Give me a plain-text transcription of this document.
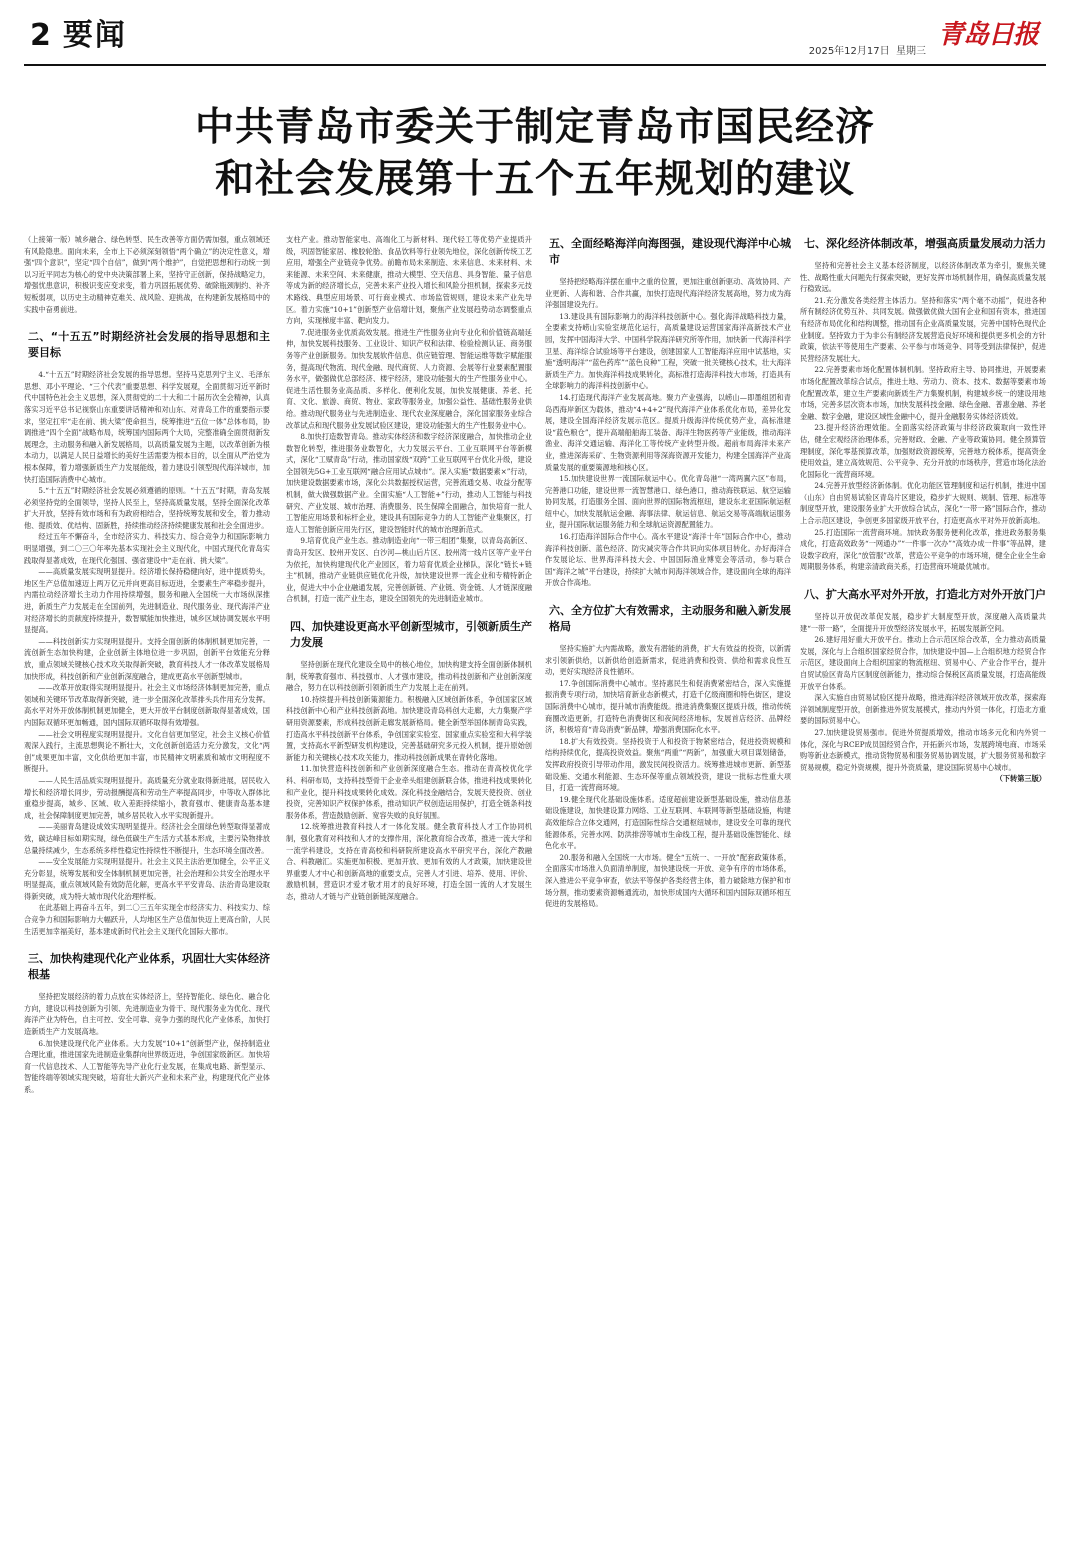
2 要闻	2025年12月17日 星期三
青岛日报
中共青岛市委关于制定青岛市国民经济
和社会发展第十五个五年规划的建议

（上接第一版）城乡融合、绿色转型、民生改善等方面仍需加强，重点领域还有风险隐患。面向未来，全市上下必须深刻领悟“两个确立”的决定性意义，增强“四个意识”，坚定“四个自信”，做到“两个维护”，自觉把思想和行动统一到以习近平同志为核心的党中央决策部署上来，坚持守正创新，保持战略定力，增强忧患意识，积极识变应变求变，着力巩固拓展优势、破除瓶颈制约、补齐短板弱项，以历史主动精神克难关、战风险、迎挑战，在构建新发展格局中的实践中奋勇前进。

二、“十五五”时期经济社会发展的指导思想和主要目标

4.“十五五”时期经济社会发展的指导思想。坚持马克思列宁主义、毛泽东思想、邓小平理论、“三个代表”重要思想、科学发展观，全面贯彻习近平新时代中国特色社会主义思想，深入贯彻党的二十大和二十届历次全会精神，认真落实习近平总书记视察山东重要讲话精神和对山东、对青岛工作的重要指示要求，坚定扛牢“走在前、挑大梁”使命担当，统筹推进“五位一体”总体布局，协调推进“四个全面”战略布局，统筹国内国际两个大局，完整准确全面贯彻新发展理念，主动服务和融入新发展格局，以高质量发展为主题，以改革创新为根本动力，以满足人民日益增长的美好生活需要为根本目的，以全面从严治党为根本保障，着力增强新质生产力发展能级，着力建设引领型现代海洋城市，加快打造国际消费中心城市。

5.“十五五”时期经济社会发展必须遵循的原则。“十五五”时期，青岛发展必须坚持党的全面领导，坚持人民至上，坚持高质量发展，坚持全面深化改革扩大开放，坚持有效市场和有为政府相结合，坚持统筹发展和安全，着力推动他、提质效、优结构、固新胜，持续推动经济持续健康发展和社会全面进步。

经过五年不懈奋斗，全市经济实力、科技实力、综合竞争力和国际影响力明显增强，到二〇三〇年率先基本实现社会主义现代化，中国式现代化青岛实践取得显著成效，在现代化强国、强省建设中“走在前、挑大梁”。

——高质量发展实现明显提升。经济增长保持稳健向好，进中提质势头，地区生产总值加速迈上两万亿元并向更高目标迈进，全要素生产率稳步提升，内需拉动经济增长主动力作用持续增强，服务和融入全国统一大市场纵深推进，新质生产力发展走在全国前列，先进制造业、现代服务业、现代海洋产业对经济增长的贡献度持续提升，数智赋能加快推进，城乡区域协调发展水平明显提高。

——科技创新实力实现明显提升。支持全面创新的体制机制更加完善，一流创新生态加快构建，企业创新主体地位进一步巩固，创新平台效能充分释放，重点领域关键核心技术攻关取得新突破，教育科技人才一体改革发展格局加快形成，科技创新和产业创新深度融合，建成更高水平创新型城市。

——改革开放取得实现明显提升。社会主义市场经济体制更加完善，重点领域和关键环节改革取得新突破，进一步全面深化改革排头兵作用充分发挥。高水平对外开放体制机制更加健全，更大开放平台制度创新取得显著成效，国内国际双循环更加畅通，国内国际双循环取得有效增强。

——社会文明程度实现明显提升。文化自信更加坚定，社会主义核心价值观深入践行，主流思想舆论不断壮大，文化创新创造活力充分激发，文化“两创”成果更加丰富，文化供给更加丰富，市民精神文明素质和城市文明程度不断提升。

——人民生活品质实现明显提升。高质量充分就业取得新进展，居民收入增长和经济增长同步，劳动报酬提高和劳动生产率提高同步，中等收入群体比重稳步提高，城乡、区域、收入差距持续缩小，教育强市、健康青岛基本建成，社会保障制度更加完善，城乡居民收入水平实现新提升。

——美丽青岛建设成效实现明显提升。经济社会全面绿色转型取得显著成效，碳达峰目标如期实现，绿色低碳生产生活方式基本形成，主要污染物排放总量持续减少，生态系统多样性稳定性持续性不断提升，生态环境全面改善。

——安全发展能力实现明显提升。社会主义民主法治更加健全，公平正义充分彰显，统筹发展和安全体制机制更加完善，社会治理和公共安全治理水平明显提高，重点领域风险有效防范化解，更高水平平安青岛、法治青岛建设取得新突破，成为特大城市现代化治理样板。

在此基础上再奋斗五年，到二〇三五年实现全市经济实力、科技实力、综合竞争力和国际影响力大幅跃升，人均地区生产总值加快迈上更高台阶，人民生活更加幸福美好，基本建成新时代社会主义现代化国际大都市。

三、加快构建现代化产业体系，巩固壮大实体经济根基

坚持把发展经济的着力点放在实体经济上，坚持智能化、绿色化、融合化方向，建设以科技创新为引领、先进制造业为骨干、现代服务业为优化、现代海洋产业为特色，自主可控、安全可靠、竞争力强的现代化产业体系，加快打造新质生产力发展高地。

6.加快建设现代化产业体系。大力发展“10+1”创新型产业，保持制造业合理比重，推进国家先进制造业集群向世界级迈进，争创国家级新区。加快培育一代信息技术、人工智能等先导产业化行业发展，在集成电路、新型显示、智能终端等领域实现突破，培育壮大新兴产业和未来产业，构建现代化产业体系。

支柱产业。推动智能家电、高端化工与新材料、现代轻工等优势产业提质升级，巩固智能家居、橡胶轮胎、食品饮料等行业领先地位，深化创新传统工艺应用，增强全产业链竞争优势。前瞻布局未来制造、未来信息、未来材料、未来能源、未来空间、未来健康，推动大模型、空天信息、具身智能、量子信息等成为新的经济增长点，完善未来产业投入增长和风险分担机制，探索多元技术路线、典型应用场景、可行商业模式、市场监管规则，建设未来产业先导区。着力实施“10+1”创新型产业倍增计划，聚焦产业发展趋势动态调整重点方向，实现梯度丰富、靶向发力。

7.促进服务业优质高效发展。推进生产性服务业向专业化和价值链高端延伸，加快发展科技服务、工业设计、知识产权和法律、检验检测认证、商务服务等产业创新服务。加快发展软件信息、供应链管理、智能运维等数字赋能服务，提高现代物流、现代金融、现代商贸、人力资源、会展等行业要素配置服务水平，做强做优总部经济、楼宇经济，建设功能强大的生产性服务业中心。促进生活性服务业高品质、多样化、便利化发展，加快发展健康、养老、托育、文化、旅游、商贸、物业、家政等服务业，加强公益性、基础性服务业供给。推动现代服务业与先进制造业、现代农业深度融合，深化国家服务业综合改革试点和现代服务业发展试验区建设，建设功能强大的生产性服务业中心。

8.加快打造数智青岛。推动实体经济和数字经济深度融合，加快推动企业数智化转型，推进服务业数智化，大力发展云平台、工业互联网平台等新模式，深化“工赋青岛”行动，推动国家级“双跨”工业互联网平台优化升级，建设全国领先5G+工业互联网“融合应用试点城市”。深入实施“数据要素×”行动，加快建设数据要素市场，深化公共数据授权运营，完善流通交易、收益分配等机制，做大做强数据产业。全面实施“人工智能+”行动，推动人工智能与科技研究、产业发展、城市治理、消费服务、民生保障全面融合，加快培育一批人工智能应用场景和标杆企业，建设具有国际竞争力的人工智能产业集聚区，打造人工智能创新应用先行区，建设智能时代的城市治理新范式。

9.培育优良产业生态。推动制造业向“一带三组团”集聚，以青岛高新区、青岛开发区、胶州开发区、白沙河—桃山后片区、胶州湾一线片区等产业平台为依托，加快构建现代化产业园区，着力培育优质企业梯队，深化“链长+链主”机制，推动产业链供应链优化升级，加快建设世界一流企业和专精特新企业，促进大中小企业融通发展，完善创新链、产业链、资金链、人才链深度融合机制，打造一流产业生态，建设全国领先的先进制造业城市。

四、加快建设更高水平创新型城市，引领新质生产力发展

坚持创新在现代化建设全局中的核心地位，加快构建支持全面创新体制机制，统筹教育强市、科技强市、人才强市建设，推动科技创新和产业创新深度融合，努力在以科技创新引领新质生产力发展上走在前列。

10.持续提升科技创新策源能力。积极融入区域创新体系，争创国家区域科技创新中心和产业科技创新高地。加快建设青岛科创大走廊，大力集聚产学研用资源要素，形成科技创新走廊发展新格局。健全新型举国体制青岛实践，打造高水平科技创新平台体系，争创国家实验室、国家重点实验室和大科学装置，支持高水平新型研发机构建设，完善基础研究多元投入机制，提升原始创新能力和关键核心技术攻关能力，推动科技创新成果在青转化落地。

11.加快营造科技创新和产业创新深度融合生态。推动在青高校优化学科、科研布局，支持科技型骨干企业牵头组建创新联合体，推进科技成果转化和产业化，提升科技成果转化成效。深化科技金融结合，发展天使投资、创业投资，完善知识产权保护体系，推动知识产权创造运用保护，打造全链条科技服务体系，营造鼓励创新、宽容失败的良好氛围。

12.统筹推进教育科技人才一体化发展。健全教育科技人才工作协同机制，强化教育对科技和人才的支撑作用，深化教育综合改革，推进一流大学和一流学科建设，支持在青高校和科研院所建设高水平研究平台，深化产教融合、科教融汇。实施更加积极、更加开放、更加有效的人才政策，加快建设世界重要人才中心和创新高地的重要支点，完善人才引进、培养、使用、评价、激励机制，营造识才爱才敬才用才的良好环境，打造全国一流的人才发展生态，推动人才链与产业链创新链深度融合。

五、全面经略海洋向海图强，建设现代海洋中心城市

坚持把经略海洋摆在重中之重的位置，更加注重创新驱动、高效协同、产业更新、人海和谐、合作共赢，加快打造现代海洋经济发展高地，努力成为海洋强国建设先行。

13.建设具有国际影响力的海洋科技创新中心。强化海洋战略科技力量，全要素支持崂山实验室规范化运行，高质量建设运营国家海洋高新技术产业园，发挥中国海洋大学、中国科学院海洋研究所等作用，加快新一代海洋科学卫星、海洋综合试验场等平台建设，创建国家人工智能海洋应用中试基地，实施“透明海洋”“蓝色药库”“蓝色良种”工程，突破一批关键核心技术，壮大海洋新质生产力。加快海洋科技成果转化，高标准打造海洋科技大市场，打造具有全球影响力的海洋科技创新中心。

14.打造现代海洋产业发展高地。聚力产业强海，以崂山—即墨组团和青岛西海岸新区为载体，推动“4+4+2”现代海洋产业体系优化布局，差异化发展，建设全国海洋经济发展示范区。提质升级海洋传统优势产业，高标准建设“蓝色粮仓”，提升高端船舶海工装备、海洋生物医药等产业能级，推动海洋渔业、海洋交通运输、海洋化工等传统产业转型升级。超前布局海洋未来产业，推进深海采矿、生物资源利用等深海资源开发能力，构建全国海洋产业高质量发展的重要策源地和核心区。

15.加快建设世界一流国际航运中心。优化青岛港“一湾两翼六区”布局，完善港口功能，建设世界一流智慧港口、绿色港口，推动海铁联运、航空运输协同发展，打造服务全国、面向世界的国际物流枢纽，建设东北亚国际航运枢纽中心，加快发展航运金融、海事法律、航运信息、航运交易等高端航运服务业，提升国际航运服务能力和全球航运资源配置能力。

16.打造海洋国际合作中心。高水平建设“海洋十年”国际合作中心，推动海洋科技创新、蓝色经济、防灾减灾等合作共识向实体项目转化。办好海洋合作发展论坛、世界海洋科技大会、中国国际渔业博览会等活动，参与联合国“海洋之城”平台建设，持续扩大城市间海洋领域合作，建设面向全球的海洋开放合作高地。

六、全方位扩大有效需求，主动服务和融入新发展格局

坚持实施扩大内需战略，激发有潜能的消费，扩大有效益的投资，以新需求引领新供给，以新供给创造新需求，促进消费和投资、供给和需求良性互动，更好实现经济良性循环。

17.争创国际消费中心城市。坚持惠民生和促消费紧密结合，深入实施提振消费专项行动，加快培育新业态新模式，打造千亿级商圈和特色街区，建设国际消费中心城市，提升城市消费能级。推进消费集聚区提质升级，推动传统商圈改造更新，打造特色消费街区和夜间经济地标，发展首店经济、品牌经济，积极培育“青岛消费”新品牌，增强消费国际化水平。

18.扩大有效投资。坚持投资于人和投资于物紧密结合，促进投资规模和结构持续优化，提高投资效益。聚焦“两重”“两新”，加强重大项目谋划储备，发挥政府投资引导带动作用，激发民间投资活力。统筹推进城市更新、新型基础设施、交通水利能源、生态环保等重点领域投资，建设一批标志性重大项目，打造一流营商环境。

19.健全现代化基础设施体系。适度超前建设新型基础设施，推动信息基础设施建设，加快建设算力网络、工业互联网、车联网等新型基础设施，构建高效能综合立体交通网，打造国际性综合交通枢纽城市，建设安全可靠的现代能源体系，完善水网、防洪排涝等城市生命线工程，提升基础设施智能化、绿色化水平。

20.服务和融入全国统一大市场。健全“五统一、一开放”配套政策体系，全面落实市场准入负面清单制度，加快建设统一开放、竞争有序的市场体系，深入推进公平竞争审查，依法平等保护各类经营主体，着力破除地方保护和市场分割，推动要素资源畅通流动，加快形成国内大循环和国内国际双循环相互促进的发展格局。

七、深化经济体制改革，增强高质量发展动力活力

坚持和完善社会主义基本经济制度，以经济体制改革为牵引，聚焦关键性、战略性重大问题先行探索突破，更好发挥市场机制作用，确保高质量发展行稳致远。

21.充分激发各类经营主体活力。坚持和落实“两个毫不动摇”，促进各种所有制经济优势互补、共同发展。做强做优做大国有企业和国有资本，推进国有经济布局优化和结构调整，推动国有企业高质量发展，完善中国特色现代企业制度。坚持致力于为非公有制经济发展营造良好环境和提供更多机会的方针政策，依法平等使用生产要素、公平参与市场竞争、同等受到法律保护，促进民营经济发展壮大。

22.完善要素市场化配置体制机制。坚持政府主导、协同推进，开展要素市场化配置改革综合试点，推进土地、劳动力、资本、技术、数据等要素市场化配置改革，建立生产要素向新质生产力集聚机制，构建城乡统一的建设用地市场，完善多层次资本市场，加快发展科技金融、绿色金融、普惠金融、养老金融、数字金融，建设区域性金融中心，提升金融服务实体经济质效。

23.提升经济治理效能。全面落实经济政策与非经济政策取向一致性评估，健全宏观经济治理体系，完善财政、金融、产业等政策协同。健全预算管理制度，深化零基预算改革，加强财政资源统筹，完善地方税体系，提高资金使用效益，建立高效规范、公平竞争、充分开放的市场秩序，营造市场化法治化国际化一流营商环境。

24.完善开放型经济新体制。优化功能区管理制度和运行机制，推进中国（山东）自由贸易试验区青岛片区建设，稳步扩大规则、规制、管理、标准等制度型开放，建设服务业扩大开放综合试点，深化“一带一路”国际合作，推动上合示范区建设，争创更多国家级开放平台，打造更高水平对外开放新高地。

25.打造国际一流营商环境。加快政务服务便利化改革，推进政务服务集成化，打造高效政务“一网通办”“一件事一次办”“高效办成一件事”等品牌，建设数字政府，深化“放管服”改革，营造公平竞争的市场环境，健全企业全生命周期服务体系，构建亲清政商关系，打造营商环境最优城市。

八、扩大高水平对外开放，打造北方对外开放门户

坚持以开放促改革促发展，稳步扩大制度型开放，深度融入高质量共建“一带一路”，全面提升开放型经济发展水平，拓展发展新空间。

26.建好用好重大开放平台。推动上合示范区综合改革，全力推动高质量发展，深化与上合组织国家经贸合作，加快建设中国—上合组织地方经贸合作示范区，建设面向上合组织国家的物流枢纽、贸易中心、产业合作平台，提升自贸试验区青岛片区制度创新能力，推动综合保税区高质量发展，打造高能级开放平台体系。

深入实施自由贸易试验区提升战略，推进海洋经济领域开放改革，探索海洋领域制度型开放，创新推进外贸发展模式，推动内外贸一体化，打造北方重要的国际贸易中心。

27.加快建设贸易强市。促进外贸提质增效，推动市场多元化和内外贸一体化，深化与RCEP成员国经贸合作，开拓新兴市场，发展跨境电商、市场采购等新业态新模式，推动货物贸易和服务贸易协调发展，扩大服务贸易和数字贸易规模，稳定外资规模，提升外资质量，建设国际贸易中心城市。

（下转第三版）
